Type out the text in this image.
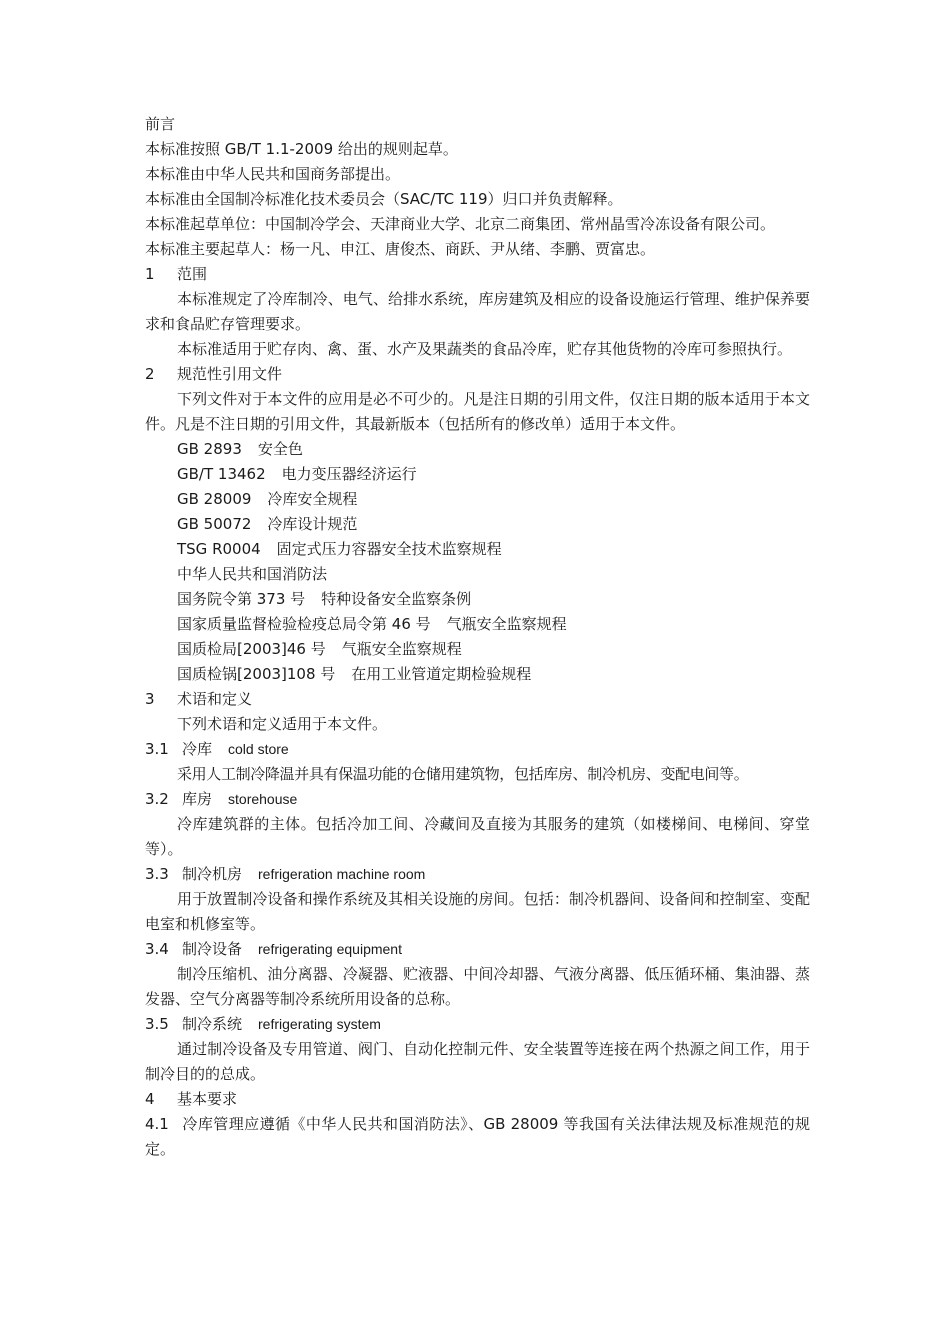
前言
本标准按照 GB/T 1.1-2009 给出的规则起草。
本标准由中华人民共和国商务部提出。
本标准由全国制冷标准化技术委员会（SAC/TC 119）归口并负责解释。
本标准起草单位：中国制冷学会、天津商业大学、北京二商集团、常州晶雪冷冻设备有限公司。
本标准主要起草人：杨一凡、申江、唐俊杰、商跃、尹从绪、李鹏、贾富忠。
1 范围
本标准规定了冷库制冷、电气、给排水系统，库房建筑及相应的设备设施运行管理、维护保养要求和食品贮存管理要求。
本标准适用于贮存肉、禽、蛋、水产及果蔬类的食品冷库，贮存其他货物的冷库可参照执行。
2 规范性引用文件
下列文件对于本文件的应用是必不可少的。凡是注日期的引用文件，仅注日期的版本适用于本文件。凡是不注日期的引用文件，其最新版本（包括所有的修改单）适用于本文件。
GB 2893 安全色
GB/T 13462 电力变压器经济运行
GB 28009 冷库安全规程
GB 50072 冷库设计规范
TSG R0004 固定式压力容器安全技术监察规程
中华人民共和国消防法
国务院令第 373 号 特种设备安全监察条例
国家质量监督检验检疫总局令第 46 号 气瓶安全监察规程
国质检局[2003]46 号 气瓶安全监察规程
国质检锅[2003]108 号 在用工业管道定期检验规程
3 术语和定义
下列术语和定义适用于本文件。
3.1 冷库 cold store
采用人工制冷降温并具有保温功能的仓储用建筑物，包括库房、制冷机房、变配电间等。
3.2 库房 storehouse
冷库建筑群的主体。包括冷加工间、冷藏间及直接为其服务的建筑（如楼梯间、电梯间、穿堂等）。
3.3 制冷机房 refrigeration machine room
用于放置制冷设备和操作系统及其相关设施的房间。包括：制冷机器间、设备间和控制室、变配电室和机修室等。
3.4 制冷设备 refrigerating equipment
制冷压缩机、油分离器、冷凝器、贮液器、中间冷却器、气液分离器、低压循环桶、集油器、蒸发器、空气分离器等制冷系统所用设备的总称。
3.5 制冷系统 refrigerating system
通过制冷设备及专用管道、阀门、自动化控制元件、安全装置等连接在两个热源之间工作，用于制冷目的的总成。
4 基本要求
4.1 冷库管理应遵循《中华人民共和国消防法》、GB 28009 等我国有关法律法规及标准规范的规定。
